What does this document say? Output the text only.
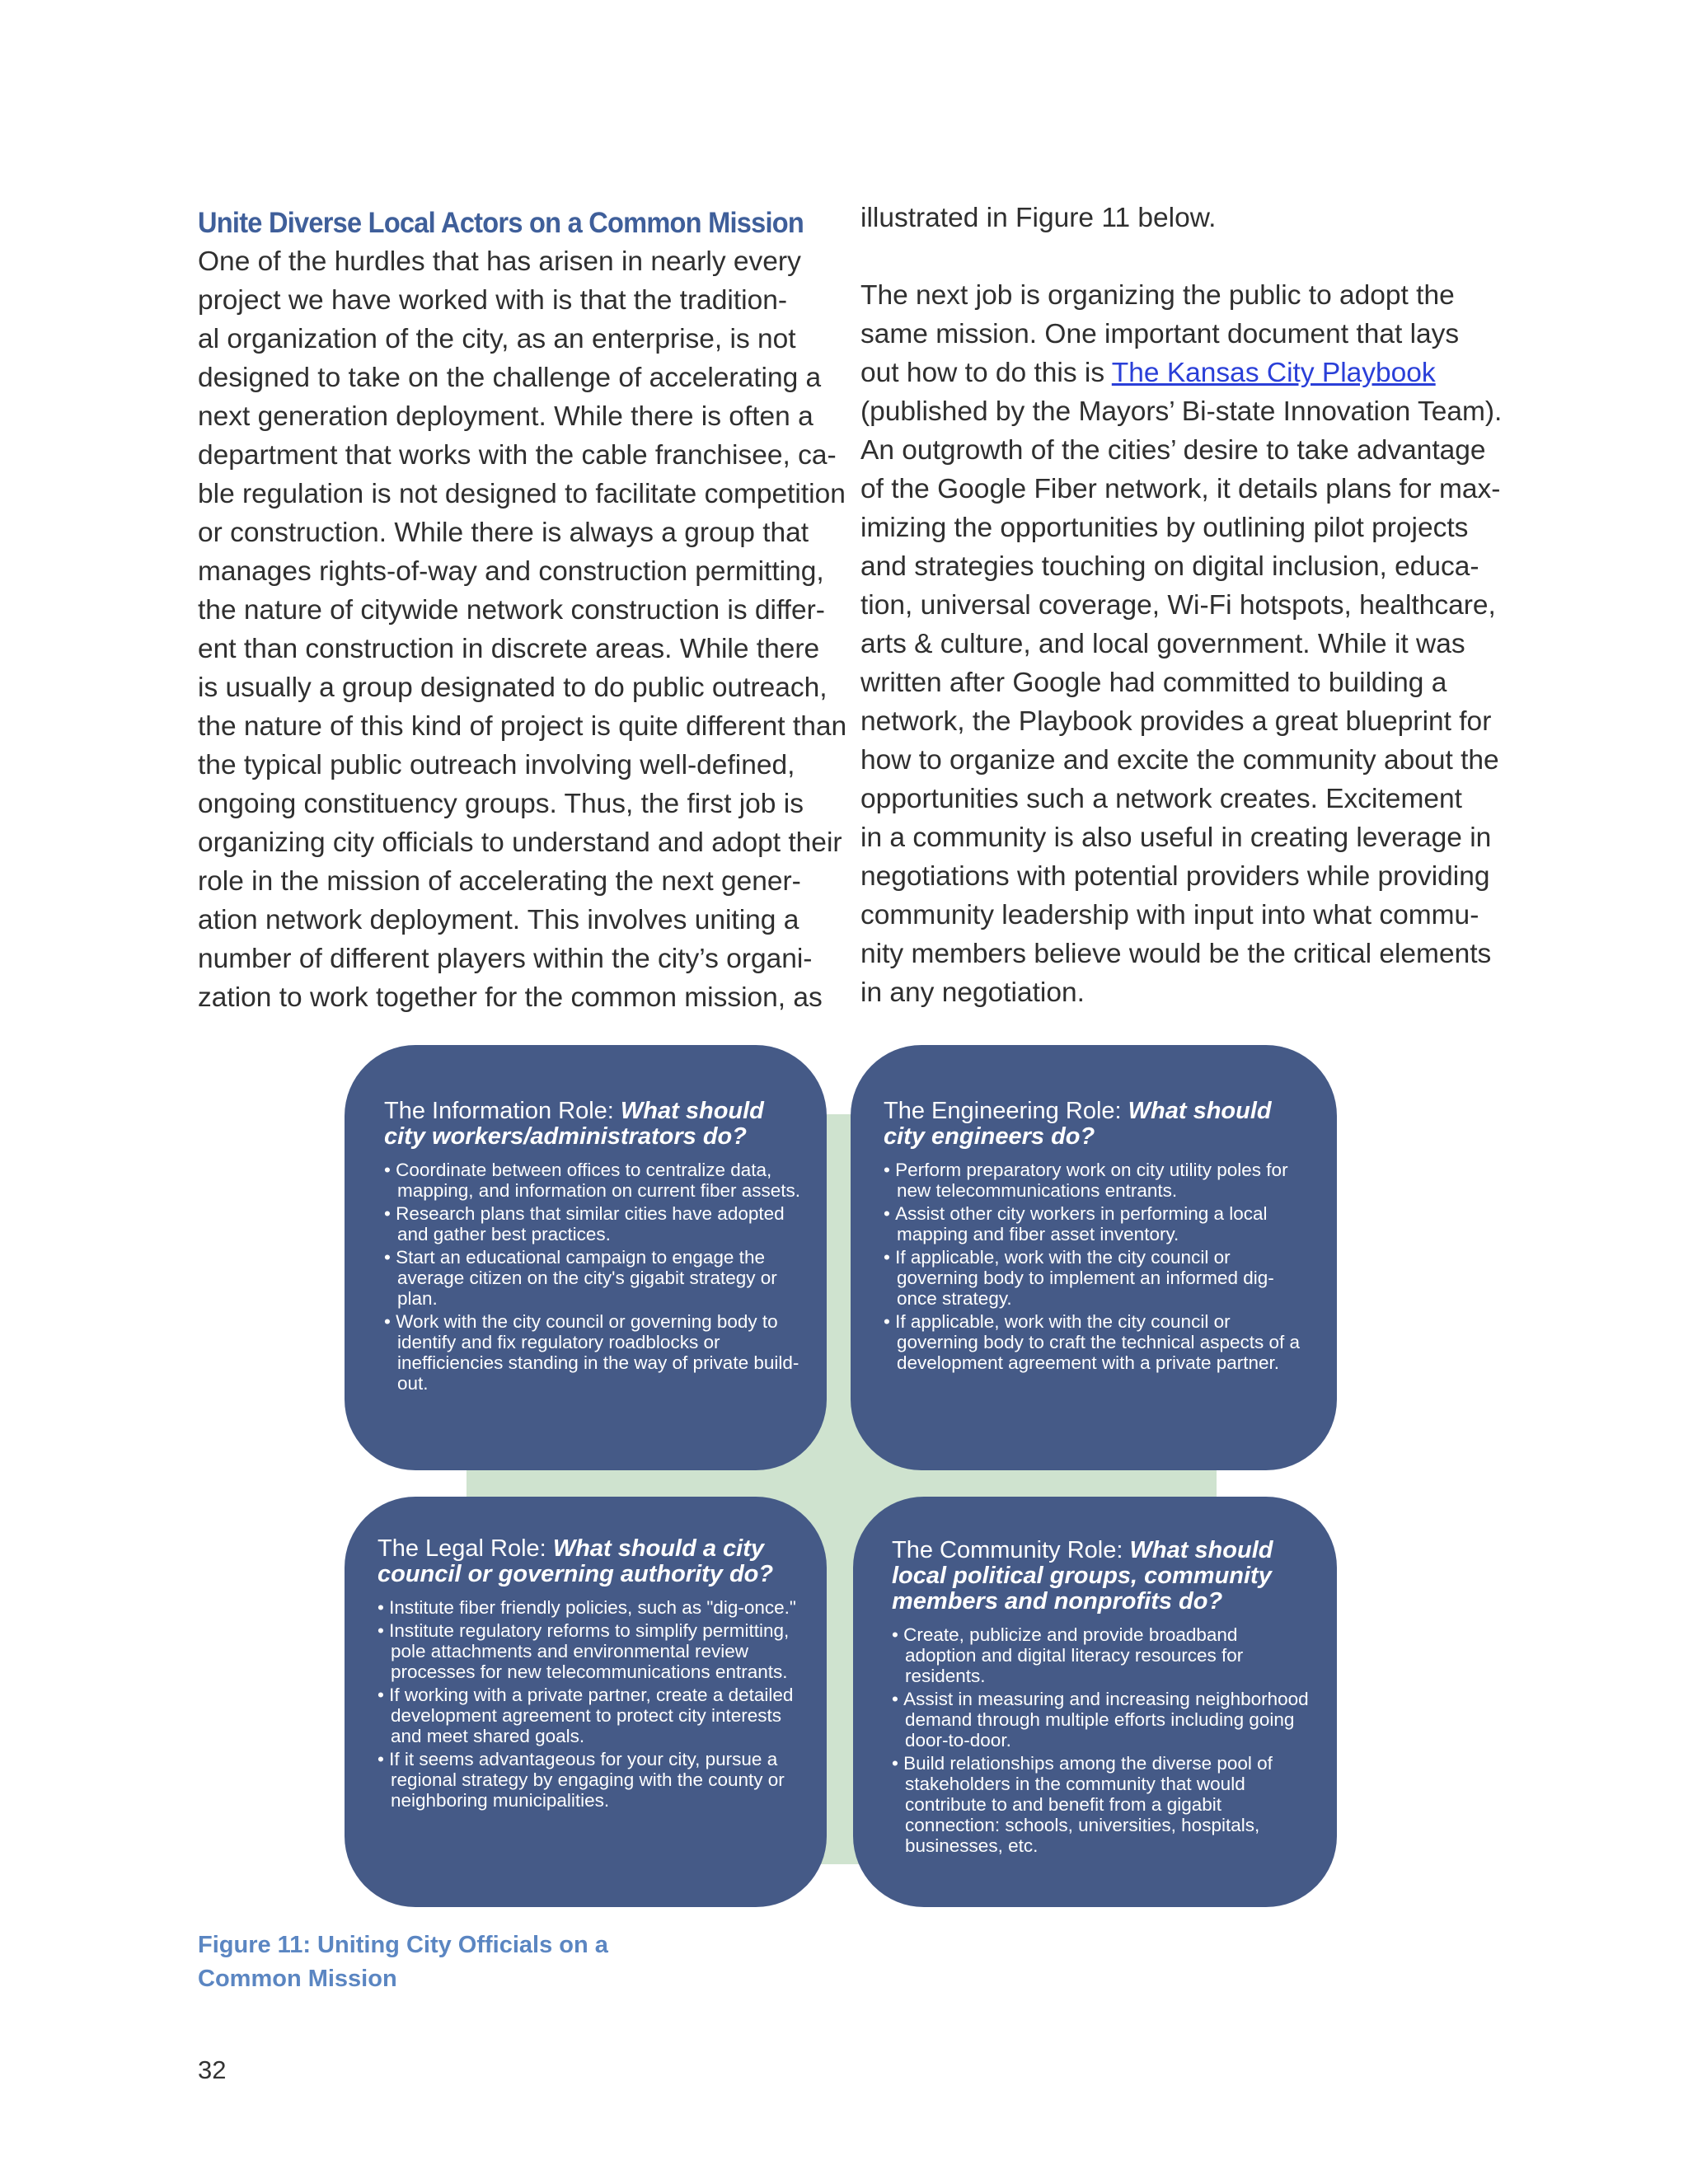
Unite Diverse Local Actors on a Common Mission
One of the hurdles that has arisen in nearly every
project we have worked with is that the tradition-
al organization of the city, as an enterprise, is not
designed to take on the challenge of accelerating a
next generation deployment. While there is often a
department that works with the cable franchisee, ca-
ble regulation is not designed to facilitate competition
or construction. While there is always a group that
manages rights-of-way and construction permitting,
the nature of citywide network construction is differ-
ent than construction in discrete areas. While there
is usually a group designated to do public outreach,
the nature of this kind of project is quite different than
the typical public outreach involving well-defined,
ongoing constituency groups. Thus, the first job is
organizing city officials to understand and adopt their
role in the mission of accelerating the next gener-
ation network deployment. This involves uniting a
number of different players within the city’s organi-
zation to work together for the common mission, as
illustrated in Figure 11 below.
The next job is organizing the public to adopt the
same mission. One important document that lays
out how to do this is The Kansas City Playbook
(published by the Mayors’ Bi-state Innovation Team).
An outgrowth of the cities’ desire to take advantage
of the Google Fiber network, it details plans for max-
imizing the opportunities by outlining pilot projects
and strategies touching on digital inclusion, educa-
tion, universal coverage, Wi-Fi hotspots, healthcare,
arts & culture, and local government. While it was
written after Google had committed to building a
network, the Playbook provides a great blueprint for
how to organize and excite the community about the
opportunities such a network creates. Excitement
in a community is also useful in creating leverage in
negotiations with potential providers while providing
community leadership with input into what commu-
nity members believe would be the critical elements
in any negotiation.
The Information Role: What should city workers/administrators do?
• Coordinate between offices to centralize data, mapping, and information on current fiber assets.
• Research plans that similar cities have adopted and gather best practices.
• Start an educational campaign to engage the average citizen on the city's gigabit strategy or plan.
• Work with the city council or governing body to identify and fix regulatory roadblocks or inefficiencies standing in the way of private build-out.
The Engineering Role: What should city engineers do?
• Perform preparatory work on city utility poles for new telecommunications entrants.
• Assist other city workers in performing a local mapping and fiber asset inventory.
• If applicable, work with the city council or governing body to implement an informed dig-once strategy.
• If applicable, work with the city council or governing body to craft the technical aspects of a development agreement with a private partner.
The Legal Role: What should a city council or governing authority do?
• Institute fiber friendly policies, such as "dig-once."
• Institute regulatory reforms to simplify permitting, pole attachments and environmental review processes for new telecommunications entrants.
• If working with a private partner, create a detailed development agreement to protect city interests and meet shared goals.
• If it seems advantageous for your city, pursue a regional strategy by engaging with the county or neighboring municipalities.
The Community Role: What should local political groups, community members and nonprofits do?
• Create, publicize and provide broadband adoption and digital literacy resources for residents.
• Assist in measuring and increasing neighborhood demand through multiple efforts including going door-to-door.
• Build relationships among the diverse pool of stakeholders in the community that would contribute to and benefit from a gigabit connection: schools, universities, hospitals, businesses, etc.
Figure 11: Uniting City Officials on a Common Mission
32
